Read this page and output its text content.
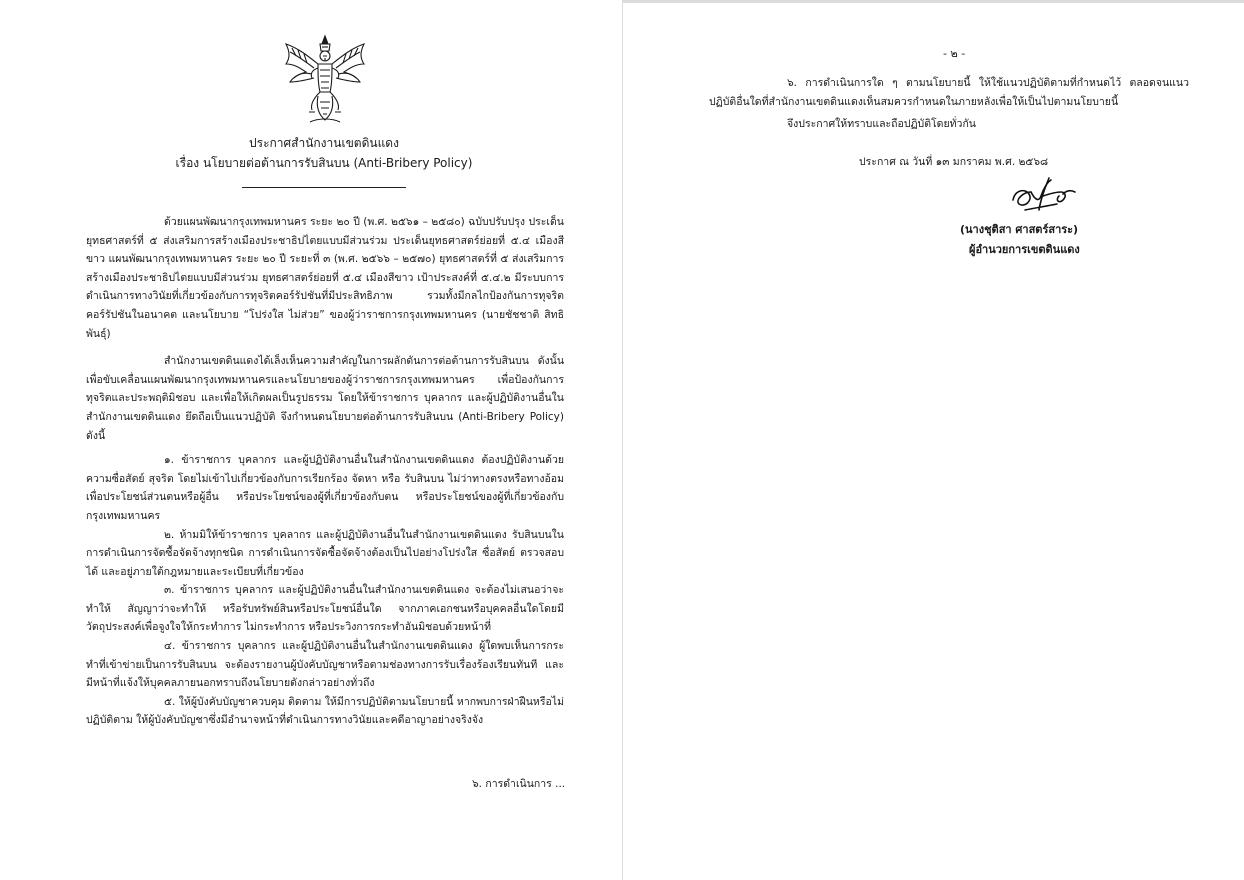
ประกาศสำนักงานเขตดินแดง
เรื่อง นโยบายต่อต้านการรับสินบน (Anti-Bribery Policy)

ด้วยแผนพัฒนากรุงเทพมหานคร ระยะ ๒๐ ปี (พ.ศ. ๒๕๖๑ – ๒๕๘๐) ฉบับปรับปรุง ประเด็นยุทธศาสตร์ที่ ๕ ส่งเสริมการสร้างเมืองประชาธิปไตยแบบมีส่วนร่วม ประเด็นยุทธศาสตร์ย่อยที่ ๕.๔ เมืองสีขาว แผนพัฒนากรุงเทพมหานคร ระยะ ๒๐ ปี ระยะที่ ๓ (พ.ศ. ๒๕๖๖ – ๒๕๗๐) ยุทธศาสตร์ที่ ๕ ส่งเสริมการสร้างเมืองประชาธิปไตยแบบมีส่วนร่วม ยุทธศาสตร์ย่อยที่ ๕.๔ เมืองสีขาว เป้าประสงค์ที่ ๕.๔.๒ มีระบบการดำเนินการทางวินัยที่เกี่ยวข้องกับการทุจริตคอร์รัปชันที่มีประสิทธิภาพ รวมทั้งมีกลไกป้องกันการทุจริตคอร์รัปชันในอนาคต และนโยบาย “โปร่งใส ไม่ส่วย” ของผู้ว่าราชการกรุงเทพมหานคร (นายชัชชาติ สิทธิพันธุ์)

สำนักงานเขตดินแดงได้เล็งเห็นความสำคัญในการผลักดันการต่อต้านการรับสินบน ดังนั้น เพื่อขับเคลื่อนแผนพัฒนากรุงเทพมหานครและนโยบายของผู้ว่าราชการกรุงเทพมหานคร เพื่อป้องกันการทุจริตและประพฤติมิชอบ และเพื่อให้เกิดผลเป็นรูปธรรม โดยให้ข้าราชการ บุคลากร และผู้ปฏิบัติงานอื่นในสำนักงานเขตดินแดง ยึดถือเป็นแนวปฏิบัติ จึงกำหนดนโยบายต่อต้านการรับสินบน (Anti-Bribery Policy) ดังนี้

๑. ข้าราชการ บุคลากร และผู้ปฏิบัติงานอื่นในสำนักงานเขตดินแดง ต้องปฏิบัติงานด้วยความซื่อสัตย์ สุจริต โดยไม่เข้าไปเกี่ยวข้องกับการเรียกร้อง จัดหา หรือ รับสินบน ไม่ว่าทางตรงหรือทางอ้อม เพื่อประโยชน์ส่วนตนหรือผู้อื่น หรือประโยชน์ของผู้ที่เกี่ยวข้องกับตน หรือประโยชน์ของผู้ที่เกี่ยวข้องกับกรุงเทพมหานคร

๒. ห้ามมิให้ข้าราชการ บุคลากร และผู้ปฏิบัติงานอื่นในสำนักงานเขตดินแดง รับสินบนในการดำเนินการจัดซื้อจัดจ้างทุกชนิด การดำเนินการจัดซื้อจัดจ้างต้องเป็นไปอย่างโปร่งใส ซื่อสัตย์ ตรวจสอบได้ และอยู่ภายใต้กฎหมายและระเบียบที่เกี่ยวข้อง

๓. ข้าราชการ บุคลากร และผู้ปฏิบัติงานอื่นในสำนักงานเขตดินแดง จะต้องไม่เสนอว่าจะทำให้ สัญญาว่าจะทำให้ หรือรับทรัพย์สินหรือประโยชน์อื่นใด จากภาคเอกชนหรือบุคคลอื่นใดโดยมีวัตถุประสงค์เพื่อจูงใจให้กระทำการ ไม่กระทำการ หรือประวิงการกระทำอันมิชอบด้วยหน้าที่

๔. ข้าราชการ บุคลากร และผู้ปฏิบัติงานอื่นในสำนักงานเขตดินแดง ผู้ใดพบเห็นการกระทำที่เข้าข่ายเป็นการรับสินบน จะต้องรายงานผู้บังคับบัญชาหรือตามช่องทางการรับเรื่องร้องเรียนทันที และมีหน้าที่แจ้งให้บุคคลภายนอกทราบถึงนโยบายดังกล่าวอย่างทั่วถึง

๕. ให้ผู้บังคับบัญชาควบคุม ติดตาม ให้มีการปฏิบัติตามนโยบายนี้ หากพบการฝ่าฝืนหรือไม่ปฏิบัติตาม ให้ผู้บังคับบัญชาซึ่งมีอำนาจหน้าที่ดำเนินการทางวินัยและคดีอาญาอย่างจริงจัง

๖. การดำเนินการ ...
- ๒ -

๖. การดำเนินการใด ๆ ตามนโยบายนี้ ให้ใช้แนวปฏิบัติตามที่กำหนดไว้ ตลอดจนแนวปฏิบัติอื่นใดที่สำนักงานเขตดินแดงเห็นสมควรกำหนดในภายหลังเพื่อให้เป็นไปตามนโยบายนี้

จึงประกาศให้ทราบและถือปฏิบัติโดยทั่วกัน

ประกาศ ณ วันที่ ๑๓ มกราคม พ.ศ. ๒๕๖๘
(นางชุติสา ศาสตร์สาระ)
ผู้อำนวยการเขตดินแดง
